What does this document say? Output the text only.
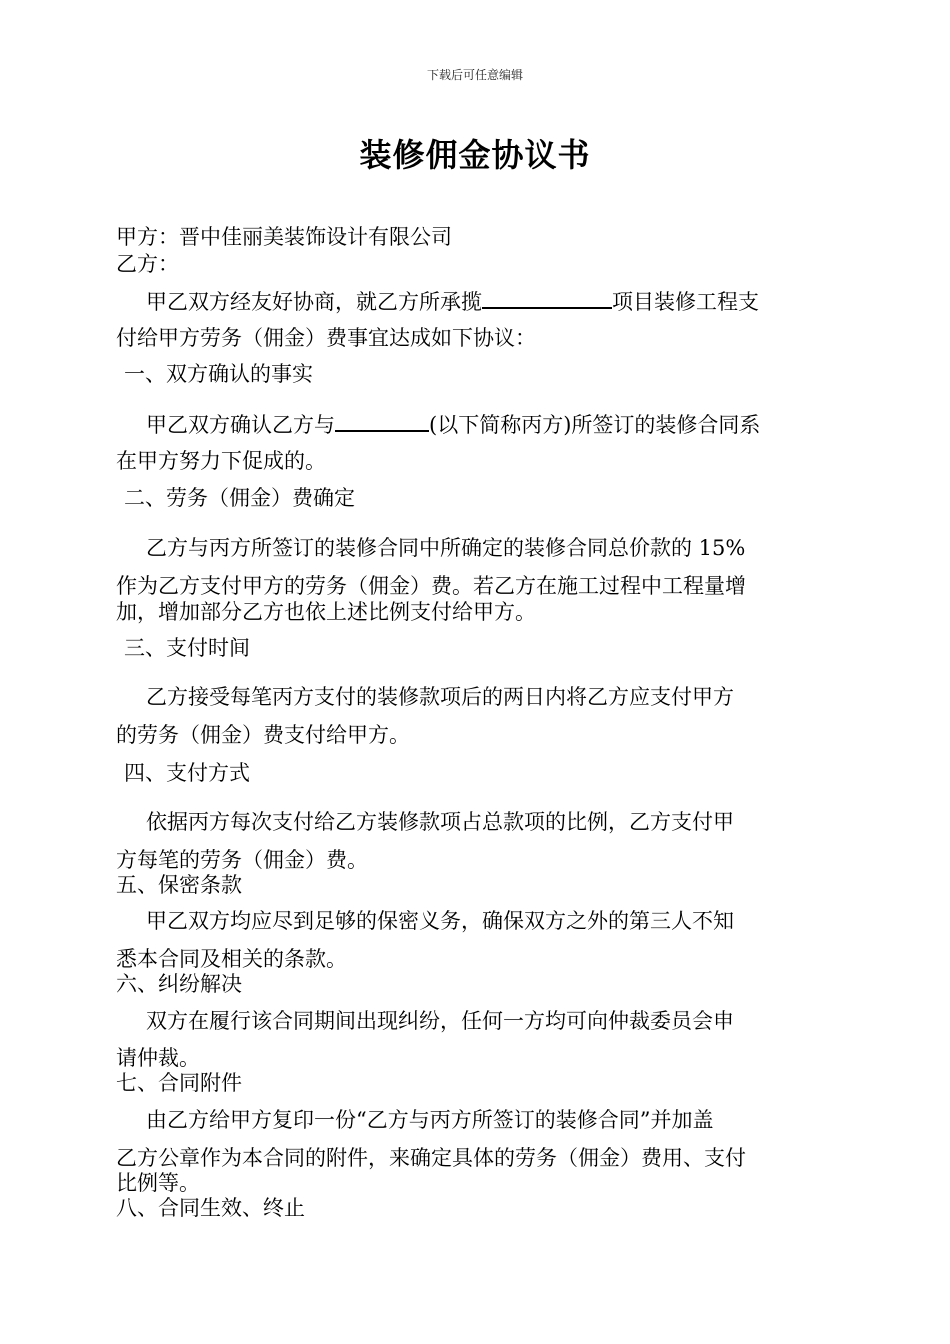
下载后可任意编辑
装修佣金协议书
甲方：晋中佳丽美装饰设计有限公司
乙方：
甲乙双方经友好协商，就乙方所承揽	项目装修工程支
付给甲方劳务（佣金）费事宜达成如下协议：
一、双方确认的事实
甲乙双方确认乙方与	(以下简称丙方)所签订的装修合同系
在甲方努力下促成的。
二、劳务（佣金）费确定
乙方与丙方所签订的装修合同中所确定的装修合同总价款的 15%
作为乙方支付甲方的劳务（佣金）费。若乙方在施工过程中工程量增
加，增加部分乙方也依上述比例支付给甲方。
三、支付时间
乙方接受每笔丙方支付的装修款项后的两日内将乙方应支付甲方
的劳务（佣金）费支付给甲方。
四、支付方式
依据丙方每次支付给乙方装修款项占总款项的比例，乙方支付甲
方每笔的劳务（佣金）费。
五、保密条款
甲乙双方均应尽到足够的保密义务，确保双方之外的第三人不知
悉本合同及相关的条款。
六、纠纷解决
双方在履行该合同期间出现纠纷，任何一方均可向仲裁委员会申
请仲裁。
七、合同附件
由乙方给甲方复印一份“乙方与丙方所签订的装修合同”并加盖
乙方公章作为本合同的附件，来确定具体的劳务（佣金）费用、支付
比例等。
八、合同生效、终止
